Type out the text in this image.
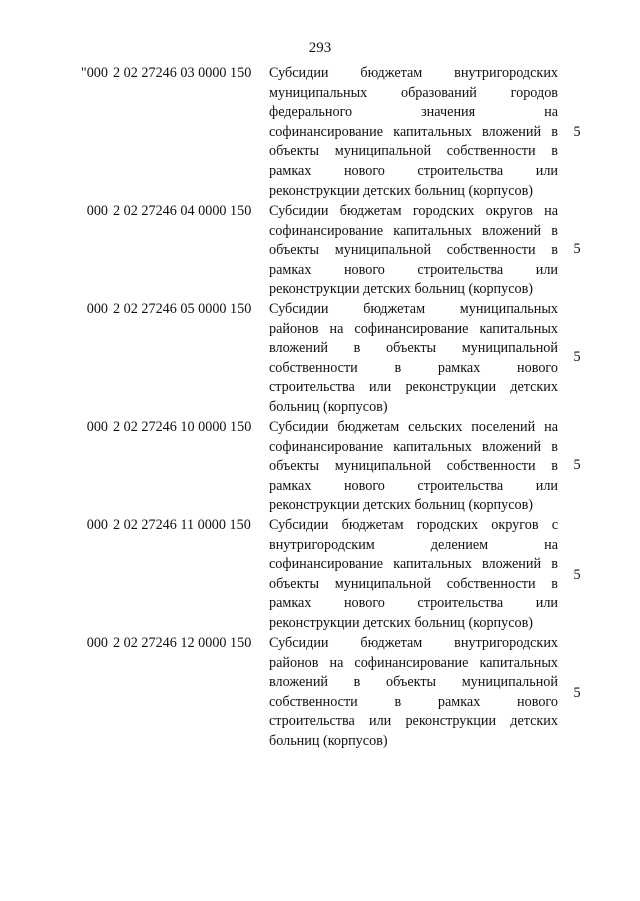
293
"000 2 02 27246 03 0000 150	Субсидии бюджетам внутригородских
муниципальных образований городов
федерального значения на
софинансирование капитальных вложений в
объекты муниципальной собственности в
рамках нового строительства или
реконструкции детских больниц (корпусов)
5
000 2 02 27246 04 0000 150	Субсидии бюджетам городских округов на
софинансирование капитальных вложений в
объекты муниципальной собственности в
рамках нового строительства или
реконструкции детских больниц (корпусов)
5
000 2 02 27246 05 0000 150	Субсидии бюджетам муниципальных
районов на софинансирование капитальных
вложений в объекты муниципальной
собственности в рамках нового
строительства или реконструкции детских
больниц (корпусов)
5
000 2 02 27246 10 0000 150	Субсидии бюджетам сельских поселений на
софинансирование капитальных вложений в
объекты муниципальной собственности в
рамках нового строительства или
реконструкции детских больниц (корпусов)
5
000 2 02 27246 11 0000 150	Субсидии бюджетам городских округов с
внутригородским делением на
софинансирование капитальных вложений в
объекты муниципальной собственности в
рамках нового строительства или
реконструкции детских больниц (корпусов)
5
000 2 02 27246 12 0000 150	Субсидии бюджетам внутригородских
районов на софинансирование капитальных
вложений в объекты муниципальной
собственности в рамках нового
строительства или реконструкции детских
больниц (корпусов)
5
